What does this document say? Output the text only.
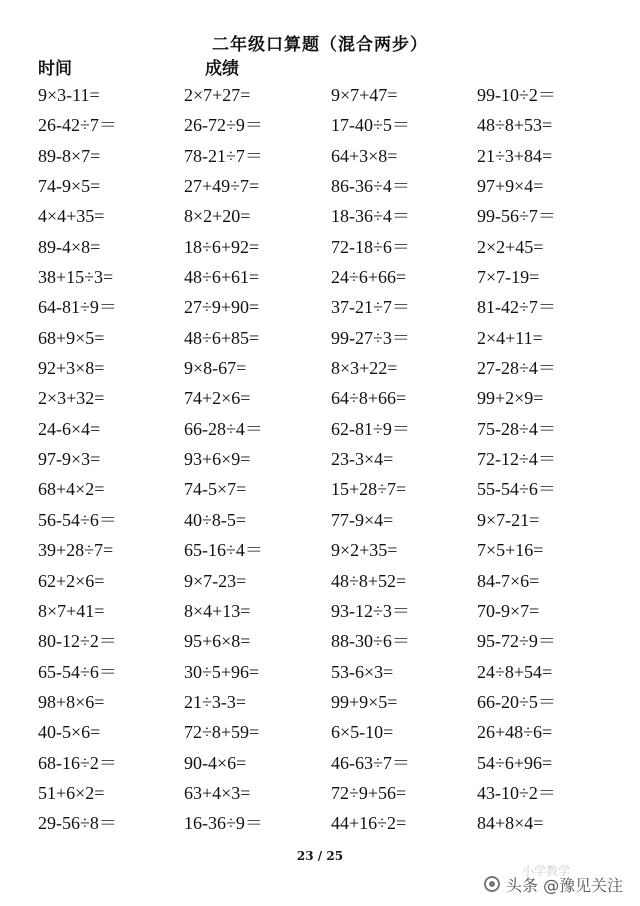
二年级口算题（混合两步）
时间	成绩
9×3-11=	2×7+27=	9×7+47=	99-10÷2＝
26-42÷7＝	26-72÷9＝	17-40÷5＝	48÷8+53=
89-8×7=	78-21÷7＝	64+3×8=	21÷3+84=
74-9×5=	27+49÷7=	86-36÷4＝	97+9×4=
4×4+35=	8×2+20=	18-36÷4＝	99-56÷7＝
89-4×8=	18÷6+92=	72-18÷6＝	2×2+45=
38+15÷3=	48÷6+61=	24÷6+66=	7×7-19=
64-81÷9＝	27÷9+90=	37-21÷7＝	81-42÷7＝
68+9×5=	48÷6+85=	99-27÷3＝	2×4+11=
92+3×8=	9×8-67=	8×3+22=	27-28÷4＝
2×3+32=	74+2×6=	64÷8+66=	99+2×9=
24-6×4=	66-28÷4＝	62-81÷9＝	75-28÷4＝
97-9×3=	93+6×9=	23-3×4=	72-12÷4＝
68+4×2=	74-5×7=	15+28÷7=	55-54÷6＝
56-54÷6＝	40÷8-5=	77-9×4=	9×7-21=
39+28÷7=	65-16÷4＝	9×2+35=	7×5+16=
62+2×6=	9×7-23=	48÷8+52=	84-7×6=
8×7+41=	8×4+13=	93-12÷3＝	70-9×7=
80-12÷2＝	95+6×8=	88-30÷6＝	95-72÷9＝
65-54÷6＝	30÷5+96=	53-6×3=	24÷8+54=
98+8×6=	21÷3-3=	99+9×5=	66-20÷5＝
40-5×6=	72÷8+59=	6×5-10=	26+48÷6=
68-16÷2＝	90-4×6=	46-63÷7＝	54÷6+96=
51+6×2=	63+4×3=	72÷9+56=	43-10÷2＝
29-56÷8＝	16-36÷9＝	44+16÷2=	84+8×4=
23 / 25
小学教学
头条 @豫见关注
